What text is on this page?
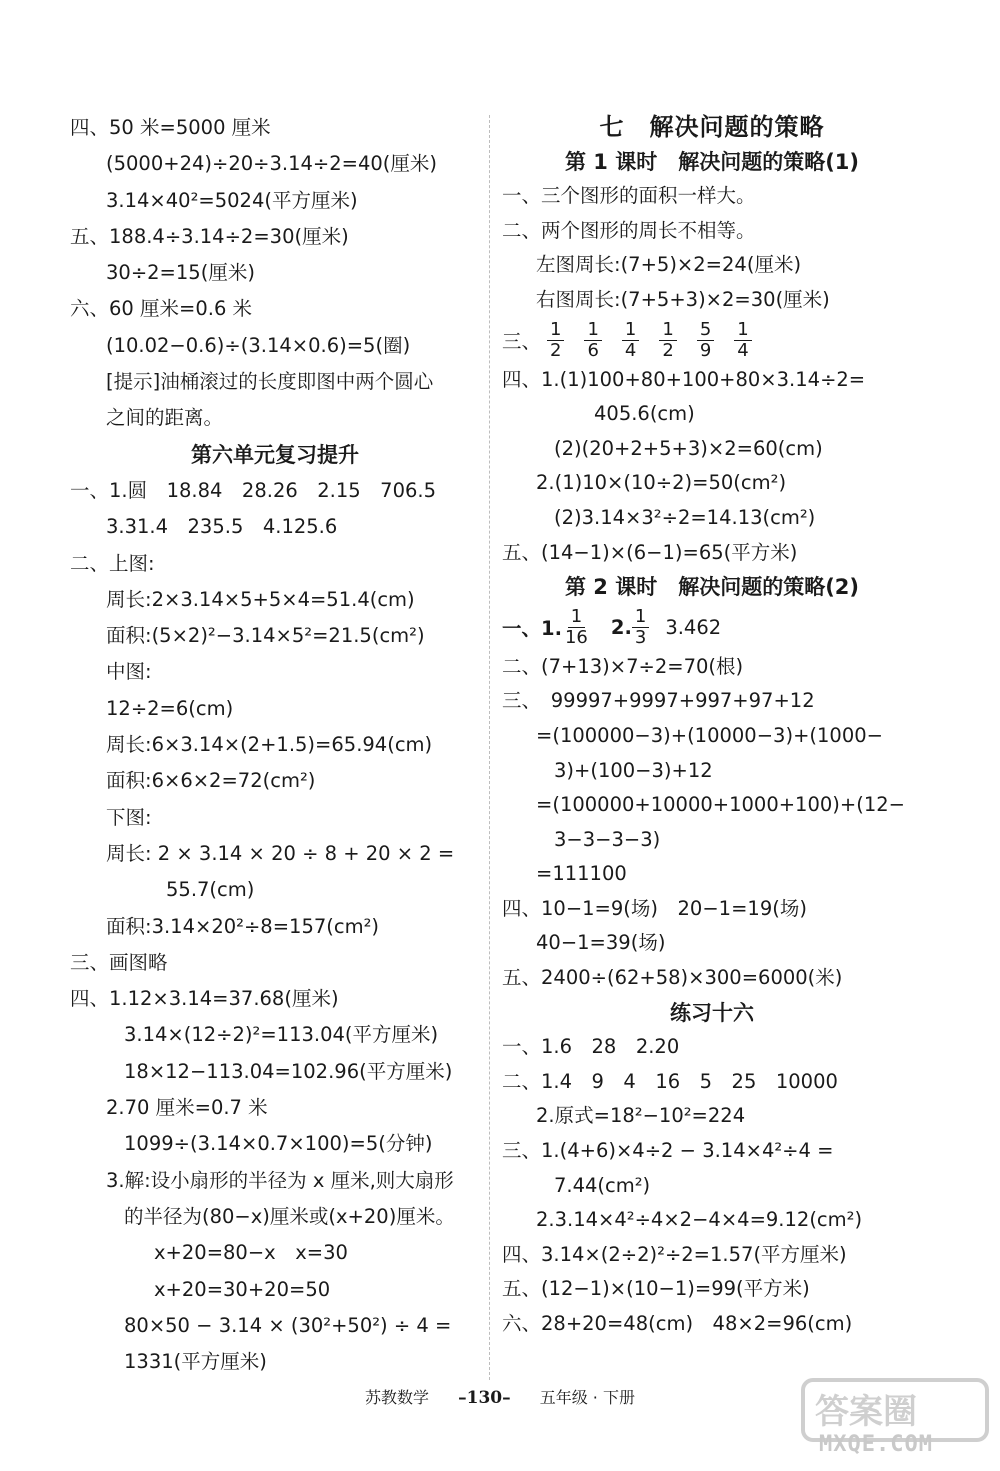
四、50 米=5000 厘米
(5000+24)÷20÷3.14÷2=40(厘米)
3.14×40²=5024(平方厘米)
五、188.4÷3.14÷2=30(厘米)
30÷2=15(厘米)
六、60 厘米=0.6 米
(10.02−0.6)÷(3.14×0.6)=5(圈)
[提示]油桶滚过的长度即图中两个圆心
之间的距离。
第六单元复习提升
一、1.圆　18.84　28.26　2.15　706.5
3.31.4　235.5　4.125.6
二、上图:
周长:2×3.14×5+5×4=51.4(cm)
面积:(5×2)²−3.14×5²=21.5(cm²)
中图:
12÷2=6(cm)
周长:6×3.14×(2+1.5)=65.94(cm)
面积:6×6×2=72(cm²)
下图:
周长: 2 × 3.14 × 20 ÷ 8 + 20 × 2 =
55.7(cm)
面积:3.14×20²÷8=157(cm²)
三、画图略
四、1.12×3.14=37.68(厘米)
3.14×(12÷2)²=113.04(平方厘米)
18×12−113.04=102.96(平方厘米)
2.70 厘米=0.7 米
1099÷(3.14×0.7×100)=5(分钟)
3.解:设小扇形的半径为 x 厘米,则大扇形
的半径为(80−x)厘米或(x+20)厘米。
x+20=80−x　x=30
x+20=30+20=50
80×50 − 3.14 × (30²+50²) ÷ 4 =
1331(平方厘米)
七　解决问题的策略
第 1 课时　解决问题的策略(1)
一、三个图形的面积一样大。
二、两个图形的周长不相等。
左图周长:(7+5)×2=24(厘米)
右图周长:(7+5+3)×2=30(厘米)
三、 $\frac{1}{2} \frac{1}{6} \frac{1}{4} \frac{1}{2} \frac{5}{9} \frac{1}{4}$
四、1.(1)100+80+100+80×3.14÷2=
405.6(cm)
(2)(20+2+5+3)×2=60(cm)
2.(1)10×(10÷2)=50(cm²)
(2)3.14×3²÷2=14.13(cm²)
五、(14−1)×(6−1)=65(平方米)
第 2 课时　解决问题的策略(2)
一、1. $\frac{1}{16} 2$. $\frac{1}{3} 3.462$
二、(7+13)×7÷2=70(根)
三、　99997+9997+997+97+12
=(100000−3)+(10000−3)+(1000−
3)+(100−3)+12
=(100000+10000+1000+100)+(12−
3−3−3−3)
=111100
四、10−1=9(场)　20−1=19(场)
40−1=39(场)
五、2400÷(62+58)×300=6000(米)
练习十六
一、1.6　28　2.20
二、1.4　9　4　16　5　25　10000
2.原式=18²−10²=224
三、1.(4+6)×4÷2 − 3.14×4²÷4 =
7.44(cm²)
2.3.14×4²÷4×2−4×4=9.12(cm²)
四、3.14×(2÷2)²÷2=1.57(平方厘米)
五、(12−1)×(10−1)=99(平方米)
六、28+20=48(cm)　48×2=96(cm)
苏教数学 –130– 五年级 · 下册	答案圈
MXQE.COM
